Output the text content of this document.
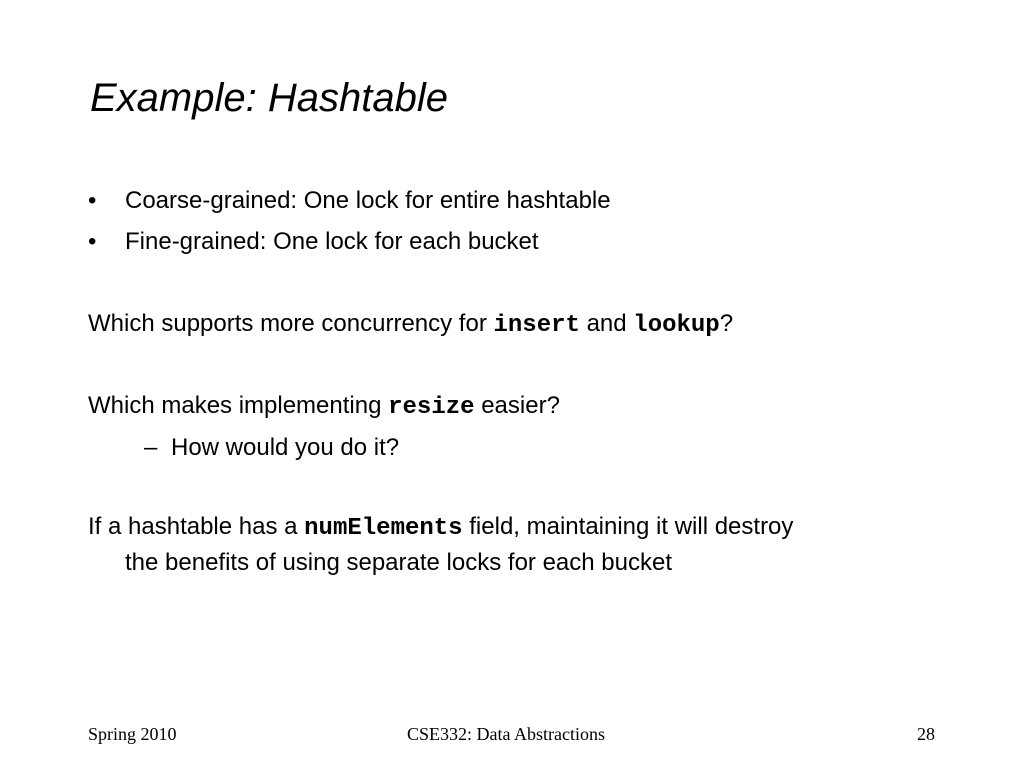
Example: Hashtable
• Coarse-grained: One lock for entire hashtable
• Fine-grained: One lock for each bucket
Which supports more concurrency for insert and lookup?
Which makes implementing resize easier?
– How would you do it?
If a hashtable has a numElements field, maintaining it will destroy
the benefits of using separate locks for each bucket
Spring 2010	CSE332: Data Abstractions	28
